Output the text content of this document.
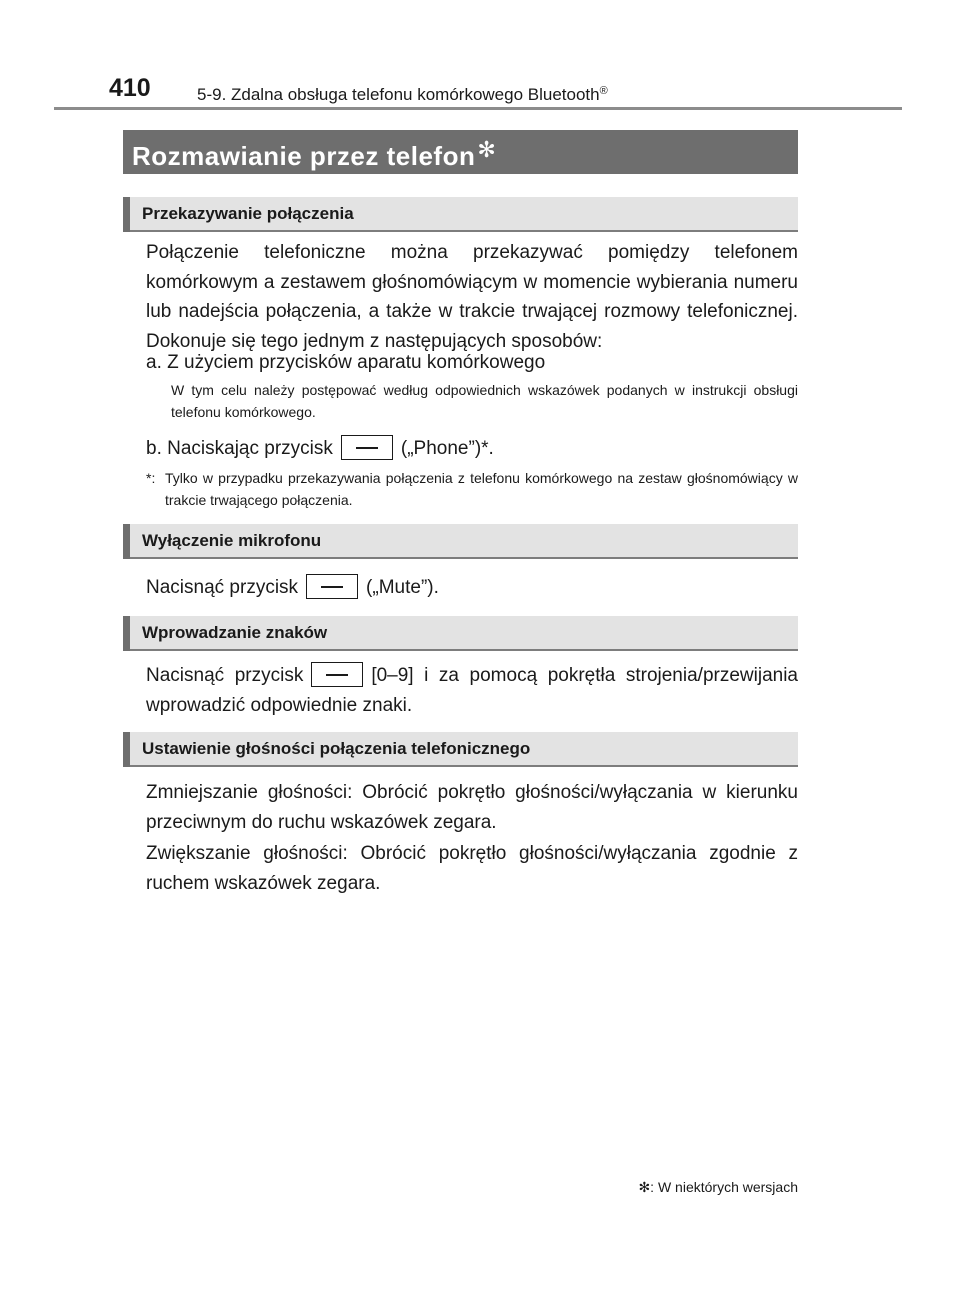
410	5-9. Zdalna obsługa telefonu komórkowego Bluetooth®
Rozmawianie przez telefon✻
Przekazywanie połączenia
Połączenie telefoniczne można przekazywać pomiędzy telefonem komórkowym a zestawem głośnomówiącym w momencie wybierania numeru lub nadejścia połączenia, a także w trakcie trwającej rozmowy telefonicznej. Dokonuje się tego jednym z następujących sposobów:
a. Z użyciem przycisków aparatu komórkowego
W tym celu należy postępować według odpowiednich wskazówek podanych w instrukcji obsługi telefonu komórkowego.
b. Naciskając przycisk	(„Phone”)*.
*: Tylko w przypadku przekazywania połączenia z telefonu komórkowego na zestaw głośnomówiący w trakcie trwającego połączenia.
Wyłączenie mikrofonu
Nacisnąć przycisk	(„Mute”).
Wprowadzanie znaków
Nacisnąć przycisk	[0–9] i za pomocą pokrętła strojenia/przewijania wprowadzić odpowiednie znaki.
Ustawienie głośności połączenia telefonicznego
Zmniejszanie głośności: Obrócić pokrętło głośności/wyłączania w kierunku przeciwnym do ruchu wskazówek zegara.
Zwiększanie głośności: Obrócić pokrętło głośności/wyłączania zgodnie z ruchem wskazówek zegara.
✻: W niektórych wersjach
